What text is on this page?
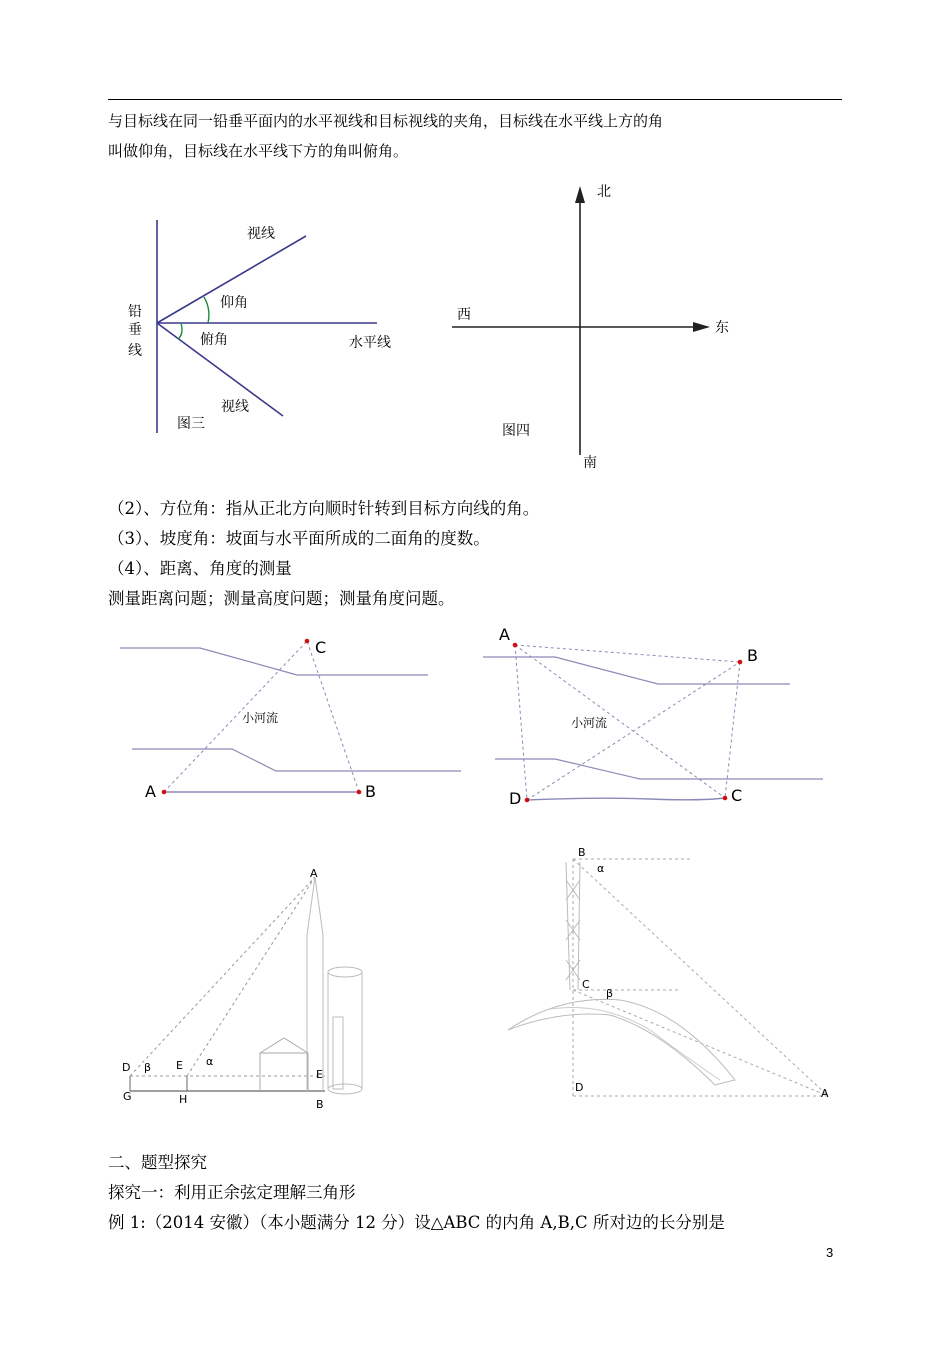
与目标线在同一铅垂平面内的水平视线和目标视线的夹角，目标线在水平线上方的角
叫做仰角，目标线在水平线下方的角叫俯角。
视线
仰角
铅
垂
线
俯角	水平线
视线
图三
北
西
东
南
图四
A	B
C
小河流
A
B
C
D
小河流
A
D β E α
E
G	H	B
B
α
C
β
D	A
（2）、方位角：指从正北方向顺时针转到目标方向线的角。
（3）、坡度角：坡面与水平面所成的二面角的度数。
（4）、距离、角度的测量
测量距离问题；测量高度问题；测量角度问题。
二、题型探究
探究一：利用正余弦定理解三角形
例 1:（2014 安徽）（本小题满分 12 分）设△ABC 的内角 A,B,C 所对边的长分别是
3
